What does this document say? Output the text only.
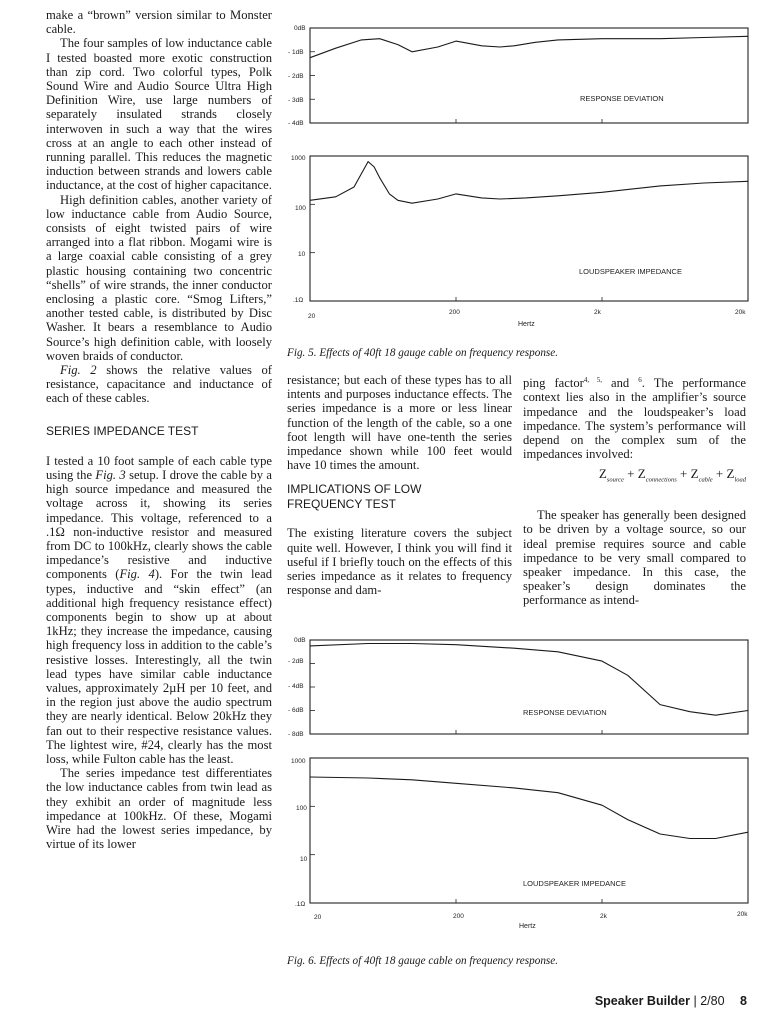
make a “brown” version similar to Monster cable.

The four samples of low inductance cable I tested boasted more exotic construction than zip cord. Two colorful types, Polk Sound Wire and Audio Source Ultra High Definition Wire, use large numbers of separately insulated strands closely interwoven in such a way that the wires cross at an angle to each other instead of running parallel. This reduces the magnetic induction between strands and lowers cable inductance, at the cost of higher capacitance.

High definition cables, another variety of low inductance cable from Audio Source, consists of eight twisted pairs of wire arranged into a flat ribbon. Mogami wire is a large coaxial cable consisting of a grey plastic housing containing two concentric “shells” of wire strands, the inner conductor enclosing a plastic core. “Smog Lifters,” another tested cable, is distributed by Disc Washer. It bears a resemblance to Audio Source’s high definition cable, with loosely woven braids of conductor.

Fig. 2 shows the relative values of resistance, capacitance and inductance of each of these cables.

SERIES IMPEDANCE TEST

I tested a 10 foot sample of each cable type using the Fig. 3 setup. I drove the cable by a high source impedance and measured the voltage across it, showing its series impedance. This voltage, referenced to a .1Ω non-inductive resistor and measured from DC to 100kHz, clearly shows the cable impedance’s resistive and inductive components (Fig. 4). For the twin lead types, inductive and “skin effect” (an additional high frequency resistance effect) components begin to show up at about 1kHz; they increase the impedance, causing high frequency loss in addition to the cable’s resistive losses. Interestingly, all the twin lead types have similar cable inductance values, approximately 2µH per 10 feet, and in the region just above the audio spectrum they are nearly identical. Below 20kHz they fan out to their respective resistance values. The lightest wire, #24, clearly has the most loss, while Fulton cable has the least.

The series impedance test differentiates the low inductance cables from twin lead as they exhibit an order of magnitude less impedance at 100kHz. Of these, Mogami Wire had the lowest series impedance, by virtue of its lower

RESPONSE DEVIATION
LOUDSPEAKER IMPEDANCE
Hertz
0dB
- 1dB
- 2dB
- 3dB
- 4dB
1000
100
10
.1Ω
20
200	2k	20k
Fig. 5. Effects of 40ft 18 gauge cable on frequency response.

resistance; but each of these types has to all intents and purposes inductance effects. The series impedance is a more or less linear function of the length of the cable, so a one foot length will have one-tenth the series impedance shown while 100 feet would have 10 times the amount.

IMPLICATIONS OF LOW
FREQUENCY TEST

The existing literature covers the subject quite well. However, I think you will find it useful if I briefly touch on the effects of this series impedance as it relates to frequency response and dam-

ping factor$^{4, 5,}$ and $^6$. The performance context lies also in the amplifier’s source impedance and the loudspeaker’s load impedance. The system’s performance will depend on the complex sum of the impedances involved:

$Z_{source} + Z_{connections} + Z_{cable} + Z_{load}$

The speaker has generally been designed to be driven by a voltage source, so our ideal premise requires source and cable impedance to be very small compared to speaker impedance. In this case, the speaker’s design dominates the performance as intend-

RESPONSE DEVIATION
LOUDSPEAKER IMPEDANCE
Hertz
0dB
- 2dB
- 4dB
- 6dB
- 8dB
1000
100
10
.1Ω
20	200	2k	20k
Fig. 6. Effects of 40ft 18 gauge cable on frequency response.
Speaker Builder | 2/80 8
